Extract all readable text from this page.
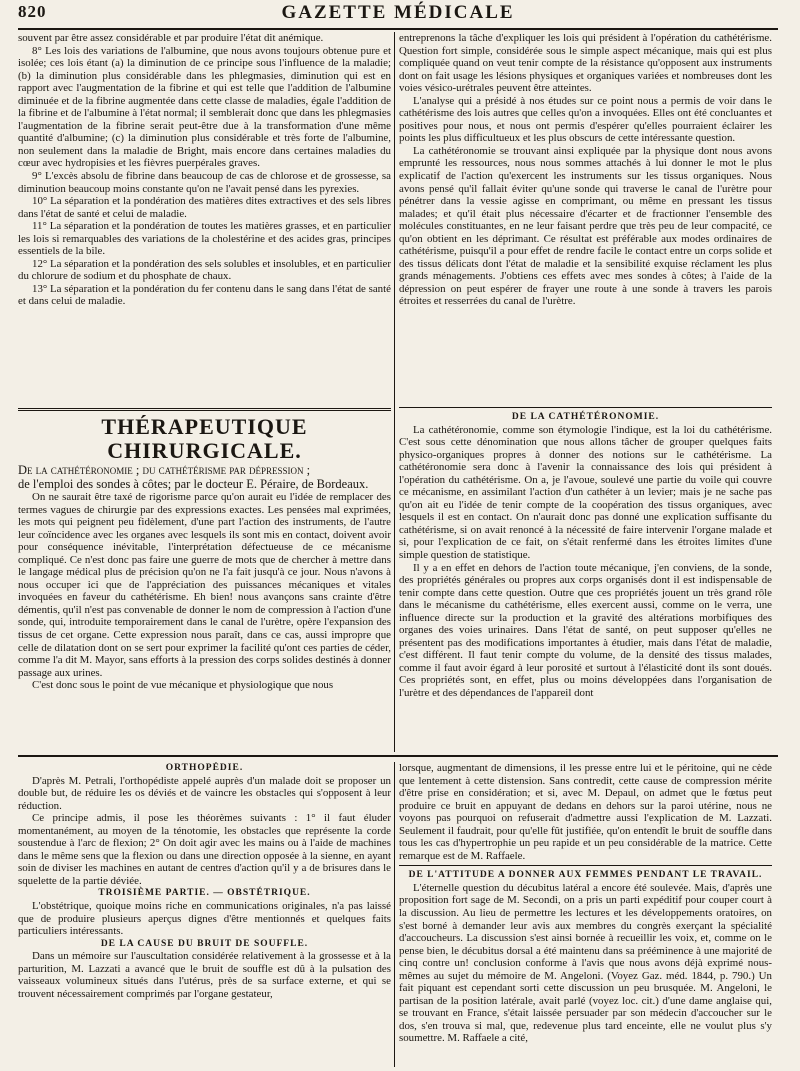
820	GAZETTE MÉDICALE

souvent par être assez considérable et par produire l'état dit anémique.

8° Les lois des variations de l'albumine, que nous avons toujours obtenue pure et isolée; ces lois étant (a) la diminution de ce principe sous l'influence de la maladie; (b) la diminution plus considérable dans les phlegmasies, diminution qui est en rapport avec l'augmentation de la fibrine et qui est telle que l'addition de l'albumine diminuée et de la fibrine augmentée dans cette classe de maladies, égale l'addition de la fibrine et de l'albumine à l'état normal; il semblerait donc que dans les phlegmasies l'augmentation de la fibrine serait peut-être due à la transformation d'une même quantité d'albumine; (c) la diminution plus considérable et très forte de l'albumine, non seulement dans la maladie de Bright, mais encore dans certaines maladies du cœur avec hydropisies et les fièvres puerpérales graves.

9° L'excès absolu de fibrine dans beaucoup de cas de chlorose et de grossesse, sa diminution beaucoup moins constante qu'on ne l'avait pensé dans les pyrexies.

10° La séparation et la pondération des matières dites extractives et des sels libres dans l'état de santé et celui de maladie.

11° La séparation et la pondération de toutes les matières grasses, et en particulier les lois si remarquables des variations de la cholestérine et des acides gras, principes essentiels de la bile.

12° La séparation et la pondération des sels solubles et insolubles, et en particulier du chlorure de sodium et du phosphate de chaux.

13° La séparation et la pondération du fer contenu dans le sang dans l'état de santé et dans celui de maladie.

entreprenons la tâche d'expliquer les lois qui président à l'opération du cathétérisme. Question fort simple, considérée sous le simple aspect mécanique, mais qui est plus compliquée quand on veut tenir compte de la résistance qu'opposent aux instruments dont on fait usage les lésions physiques et organiques variées et nombreuses dont les voies vésico-urétrales peuvent être atteintes.

L'analyse qui a présidé à nos études sur ce point nous a permis de voir dans le cathétérisme des lois autres que celles qu'on a invoquées. Elles ont été concluantes et positives pour nous, et nous ont permis d'espérer qu'elles pourraient éclairer les points les plus difficultueux et les plus obscurs de cette intéressante question.

La cathétéronomie se trouvant ainsi expliquée par la physique dont nous avons emprunté les ressources, nous nous sommes attachés à lui donner le mot le plus explicatif de l'action qu'exercent les instruments sur les tissus organiques. Nous avons pensé qu'il fallait éviter qu'une sonde qui traverse le canal de l'urètre pour pénétrer dans la vessie agisse en comprimant, ou même en pressant les tissus malades; et qu'il était plus nécessaire d'écarter et de fractionner l'ensemble des molécules constituantes, en ne leur faisant perdre que très peu de leur compacité, ce qu'on obtient en les déprimant. Ce résultat est préférable aux modes ordinaires de cathétérisme, puisqu'il a pour effet de rendre facile le contact entre un corps solide et des tissus délicats dont l'état de maladie et la sensibilité exquise réclament les plus grands ménagements. J'obtiens ces effets avec mes sondes à côtes; à l'aide de la dépression on peut espérer de frayer une route à une sonde à travers les parois étroites et resserrées du canal de l'urètre.

THÉRAPEUTIQUE CHIRURGICALE.

De la cathétéronomie ; du cathétérisme par dépression ;

de l'emploi des sondes à côtes; par le docteur E. Péraire, de Bordeaux.

On ne saurait être taxé de rigorisme parce qu'on aurait eu l'idée de remplacer des termes vagues de chirurgie par des expressions exactes. Les pensées mal exprimées, les mots qui peignent peu fidèlement, d'une part l'action des instruments, de l'autre leur coïncidence avec les organes avec lesquels ils sont mis en contact, doivent avoir pour conséquence inévitable, l'interprétation défectueuse de ce mécanisme compliqué. Ce n'est donc pas faire une guerre de mots que de chercher à mettre dans le langage médical plus de précision qu'on ne l'a fait jusqu'à ce jour. Nous n'avons à nous occuper ici que de l'appréciation des puissances mécaniques et vitales invoquées en faveur du cathétérisme. Eh bien! nous avançons sans crainte d'être démentis, qu'il n'est pas convenable de donner le nom de compression à l'action d'une sonde, qui, introduite temporairement dans le canal de l'urètre, opère l'expansion des tissus de cet organe. Cette expression nous paraît, dans ce cas, aussi impropre que celle de dilatation dont on se sert pour exprimer la facilité qu'ont ces parties de céder, comme l'a dit M. Mayor, sans efforts à la pression des corps solides destinés à donner passage aux urines.

C'est donc sous le point de vue mécanique et physiologique que nous

DE LA CATHÉTÉRONOMIE.

La cathétéronomie, comme son étymologie l'indique, est la loi du cathétérisme. C'est sous cette dénomination que nous allons tâcher de grouper quelques faits physico-organiques propres à donner des notions sur le cathétérisme. La cathétéronomie sera donc à l'avenir la connaissance des lois qui président à l'opération du cathétérisme. On a, je l'avoue, soulevé une partie du voile qui couvre ce mécanisme, en assimilant l'action d'un cathéter à un levier; mais je ne sache pas qu'on ait eu l'idée de tenir compte de la coopération des tissus organiques, avec lesquels il est en contact. On n'aurait donc pas donné une explication suffisante du cathétérisme, si on avait renoncé à la nécessité de faire intervenir l'organe malade et si, pour l'explication de ce fait, on s'était renfermé dans les étroites limites d'une simple question de statistique.

Il y a en effet en dehors de l'action toute mécanique, j'en conviens, de la sonde, des propriétés générales ou propres aux corps organisés dont il est indispensable de tenir compte dans cette question. Outre que ces propriétés jouent un très grand rôle dans le mécanisme du cathétérisme, elles exercent aussi, comme on le verra, une influence directe sur la production et la gravité des altérations morbifiques des organes des voies urinaires. Dans l'état de santé, on peut supposer qu'elles ne présentent pas des modifications importantes à étudier, mais dans l'état de maladie, c'est différent. Il faut tenir compte du volume, de la densité des tissus malades, comme il faut avoir égard à leur porosité et surtout à l'élasticité dont ils sont doués. Ces propriétés sont, en effet, plus ou moins développées dans l'organisation de l'urètre et des dépendances de l'appareil dont

ORTHOPÉDIE.

D'après M. Petrali, l'orthopédiste appelé auprès d'un malade doit se proposer un double but, de réduire les os déviés et de vaincre les obstacles qui s'opposent à leur réduction.

Ce principe admis, il pose les théorèmes suivants : 1° il faut éluder momentanément, au moyen de la ténotomie, les obstacles que représente la corde soustendue à l'arc de flexion; 2° On doit agir avec les mains ou à l'aide de machines dans le même sens que la flexion ou dans une direction opposée à la sienne, en ayant soin de diviser les machines en autant de centres d'action qu'il y a de brisures dans le squelette de la partie déviée.

TROISIÈME PARTIE. — OBSTÉTRIQUE.

L'obstétrique, quoique moins riche en communications originales, n'a pas laissé que de produire plusieurs aperçus dignes d'être mentionnés et quelques faits particuliers intéressants.

DE LA CAUSE DU BRUIT DE SOUFFLE.

Dans un mémoire sur l'auscultation considérée relativement à la grossesse et à la parturition, M. Lazzati a avancé que le bruit de souffle est dû à la pulsation des vaisseaux volumineux situés dans l'utérus, près de sa surface externe, et qui se trouvent nécessairement comprimés par l'organe gestateur,

lorsque, augmentant de dimensions, il les presse entre lui et le péritoine, qui ne cède que lentement à cette distension. Sans contredit, cette cause de compression mérite d'être prise en considération; et si, avec M. Depaul, on admet que le fœtus peut produire ce bruit en appuyant de dedans en dehors sur la paroi utérine, nous ne voyons pas pourquoi on refuserait d'admettre aussi l'explication de M. Lazzati. Seulement il faudrait, pour qu'elle fût justifiée, qu'on entendît le bruit de souffle dans tous les cas d'hypertrophie un peu rapide et un peu considérable de la matrice. Cette remarque est de M. Raffaele.

DE L'ATTITUDE A DONNER AUX FEMMES PENDANT LE TRAVAIL.

L'éternelle question du décubitus latéral a encore été soulevée. Mais, d'après une proposition fort sage de M. Secondi, on a pris un parti expéditif pour couper court à la discussion. Au lieu de permettre les lectures et les développements oratoires, on s'est borné à demander leur avis aux membres du congrès exerçant la spécialité d'accoucheurs. La discussion s'est ainsi bornée à recueillir les voix, et, comme on le pense bien, le décubitus dorsal a été maintenu dans sa prééminence à une majorité de cinq contre un! conclusion conforme à l'avis que nous avons déjà exprimé nous-mêmes au sujet du mémoire de M. Angeloni. (Voyez Gaz. méd. 1844, p. 790.) Un fait piquant est cependant sorti cette discussion un peu brusquée. M. Angeloni, le partisan de la position latérale, avait parlé (voyez loc. cit.) d'une dame anglaise qui, se trouvant en France, s'était laissée persuader par son médecin d'accoucher sur le dos, s'en trouva si mal, que, redevenue plus tard enceinte, elle ne voulut plus s'y soumettre. M. Raffaele a cité,
